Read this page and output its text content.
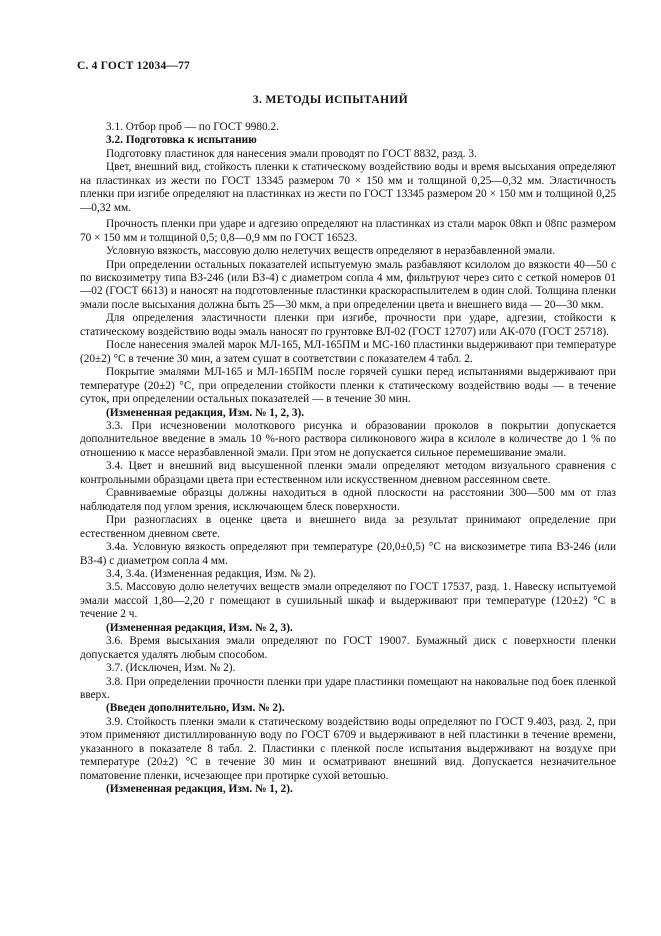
С. 4 ГОСТ 12034—77
3. МЕТОДЫ ИСПЫТАНИЙ

3.1. Отбор проб — по ГОСТ 9980.2.

3.2. Подготовка к испытанию

Подготовку пластинок для нанесения эмали проводят по ГОСТ 8832, разд. 3.

Цвет, внешний вид, стойкость пленки к статическому воздействию воды и время высыхания определяют на пластинках из жести по ГОСТ 13345 размером 70 × 150 мм и толщиной 0,25—0,32 мм. Эластичность пленки при изгибе определяют на пластинках из жести по ГОСТ 13345 размером 20 × 150 мм и толщиной 0,25—0,32 мм.

Прочность пленки при ударе и адгезию определяют на пластинках из стали марок 08кп и 08пс размером 70 × 150 мм и толщиной 0,5; 0,8—0,9 мм по ГОСТ 16523.

Условную вязкость, массовую долю нелетучих веществ определяют в неразбавленной эмали.

При определении остальных показателей испытуемую эмаль разбавляют ксилолом до вязкости 40—50 с по вискозиметру типа ВЗ-246 (или ВЗ-4) с диаметром сопла 4 мм, фильтруют через сито с сеткой номеров 01—02 (ГОСТ 6613) и наносят на подготовленные пластинки краскораспылителем в один слой. Толщина пленки эмали после высыхания должна быть 25—30 мкм, а при определении цвета и внешнего вида — 20—30 мкм.

Для определения эластичности пленки при изгибе, прочности при ударе, адгезии, стойкости к статическому воздействию воды эмаль наносят по грунтовке ВЛ-02 (ГОСТ 12707) или АК-070 (ГОСТ 25718).

После нанесения эмалей марок МЛ-165, МЛ-165ПМ и МС-160 пластинки выдерживают при температуре (20±2) °С в течение 30 мин, а затем сушат в соответствии с показателем 4 табл. 2.

Покрытие эмалями МЛ-165 и МЛ-165ПМ после горячей сушки перед испытаниями выдерживают при температуре (20±2) °С, при определении стойкости пленки к статическому воздействию воды — в течение суток, при определении остальных показателей — в течение 30 мин.

(Измененная редакция, Изм. № 1, 2, 3).

3.3. При исчезновении молоткового рисунка и образовании проколов в покрытии допускается дополнительное введение в эмаль 10 %-ного раствора силиконового жира в ксилоле в количестве до 1 % по отношению к массе неразбавленной эмали. При этом не допускается сильное перемешивание эмали.

3.4. Цвет и внешний вид высушенной пленки эмали определяют методом визуального сравнения с контрольными образцами цвета при естественном или искусственном дневном рассеянном свете.

Сравниваемые образцы должны находиться в одной плоскости на расстоянии 300—500 мм от глаз наблюдателя под углом зрения, исключающем блеск поверхности.

При разногласиях в оценке цвета и внешнего вида за результат принимают определение при естественном дневном свете.

3.4а. Условную вязкость определяют при температуре (20,0±0,5) °С на вискозиметре типа ВЗ-246 (или ВЗ-4) с диаметром сопла 4 мм.

3.4, 3.4а. (Измененная редакция, Изм. № 2).

3.5. Массовую долю нелетучих веществ эмали определяют по ГОСТ 17537, разд. 1. Навеску испытуемой эмали массой 1,80—2,20 г помещают в сушильный шкаф и выдерживают при температуре (120±2) °С в течение 2 ч.

(Измененная редакция, Изм. № 2, 3).

3.6. Время высыхания эмали определяют по ГОСТ 19007. Бумажный диск с поверхности пленки допускается удалять любым способом.

3.7. (Исключен, Изм. № 2).

3.8. При определении прочности пленки при ударе пластинки помещают на наковальне под боек пленкой вверх.

(Введен дополнительно, Изм. № 2).

3.9. Стойкость пленки эмали к статическому воздействию воды определяют по ГОСТ 9.403, разд. 2, при этом применяют дистиллированную воду по ГОСТ 6709 и выдерживают в ней пластинки в течение времени, указанного в показателе 8 табл. 2. Пластинки с пленкой после испытания выдерживают на воздухе при температуре (20±2) °С в течение 30 мин и осматривают внешний вид. Допускается незначительное поматовение пленки, исчезающее при протирке сухой ветошью.

(Измененная редакция, Изм. № 1, 2).
